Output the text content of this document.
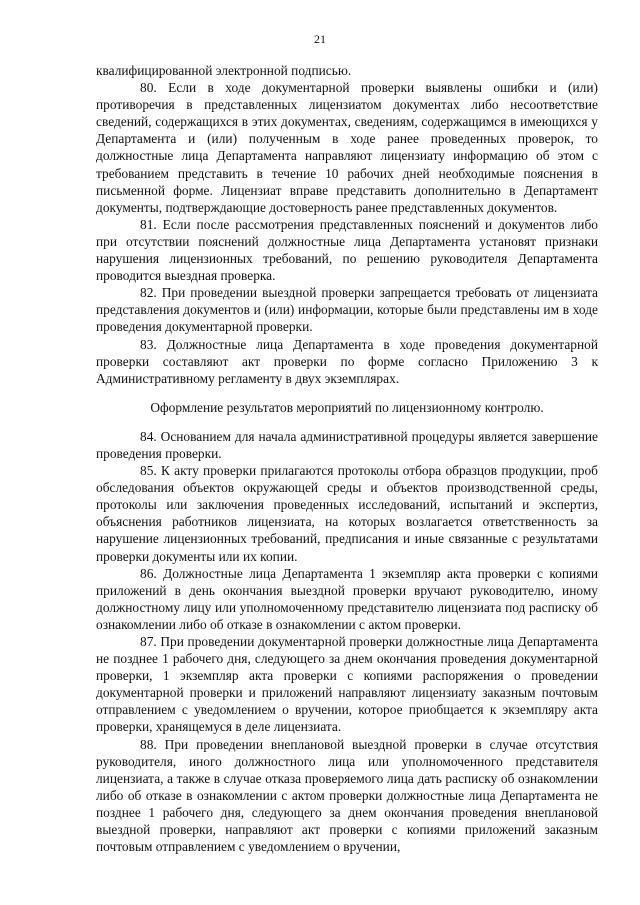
21

квалифицированной электронной подписью.

80. Если в ходе документарной проверки выявлены ошибки и (или) противоречия в представленных лицензиатом документах либо несоответствие сведений, содержащихся в этих документах, сведениям, содержащимся в имеющихся у Департамента и (или) полученным в ходе ранее проведенных проверок, то должностные лица Департамента направляют лицензиату информацию об этом с требованием представить в течение 10 рабочих дней необходимые пояснения в письменной форме. Лицензиат вправе представить дополнительно в Департамент документы, подтверждающие достоверность ранее представленных документов.

81. Если после рассмотрения представленных пояснений и документов либо при отсутствии пояснений должностные лица Департамента установят признаки нарушения лицензионных требований, по решению руководителя Департамента проводится выездная проверка.

82. При проведении выездной проверки запрещается требовать от лицензиата представления документов и (или) информации, которые были представлены им в ходе проведения документарной проверки.

83. Должностные лица Департамента в ходе проведения документарной проверки составляют акт проверки по форме согласно Приложению 3 к Административному регламенту в двух экземплярах.

Оформление результатов мероприятий по лицензионному контролю.

84. Основанием для начала административной процедуры является завершение проведения проверки.

85. К акту проверки прилагаются протоколы отбора образцов продукции, проб обследования объектов окружающей среды и объектов производственной среды, протоколы или заключения проведенных исследований, испытаний и экспертиз, объяснения работников лицензиата, на которых возлагается ответственность за нарушение лицензионных требований, предписания и иные связанные с результатами проверки документы или их копии.

86. Должностные лица Департамента 1 экземпляр акта проверки с копиями приложений в день окончания выездной проверки вручают руководителю, иному должностному лицу или уполномоченному представителю лицензиата под расписку об ознакомлении либо об отказе в ознакомлении с актом проверки.

87. При проведении документарной проверки должностные лица Департамента не позднее 1 рабочего дня, следующего за днем окончания проведения документарной проверки, 1 экземпляр акта проверки с копиями распоряжения о проведении документарной проверки и приложений направляют лицензиату заказным почтовым отправлением с уведомлением о вручении, которое приобщается к экземпляру акта проверки, хранящемуся в деле лицензиата.

88. При проведении внеплановой выездной проверки в случае отсутствия руководителя, иного должностного лица или уполномоченного представителя лицензиата, а также в случае отказа проверяемого лица дать расписку об ознакомлении либо об отказе в ознакомлении с актом проверки должностные лица Департамента не позднее 1 рабочего дня, следующего за днем окончания проведения внеплановой выездной проверки, направляют акт проверки с копиями приложений заказным почтовым отправлением с уведомлением о вручении,
